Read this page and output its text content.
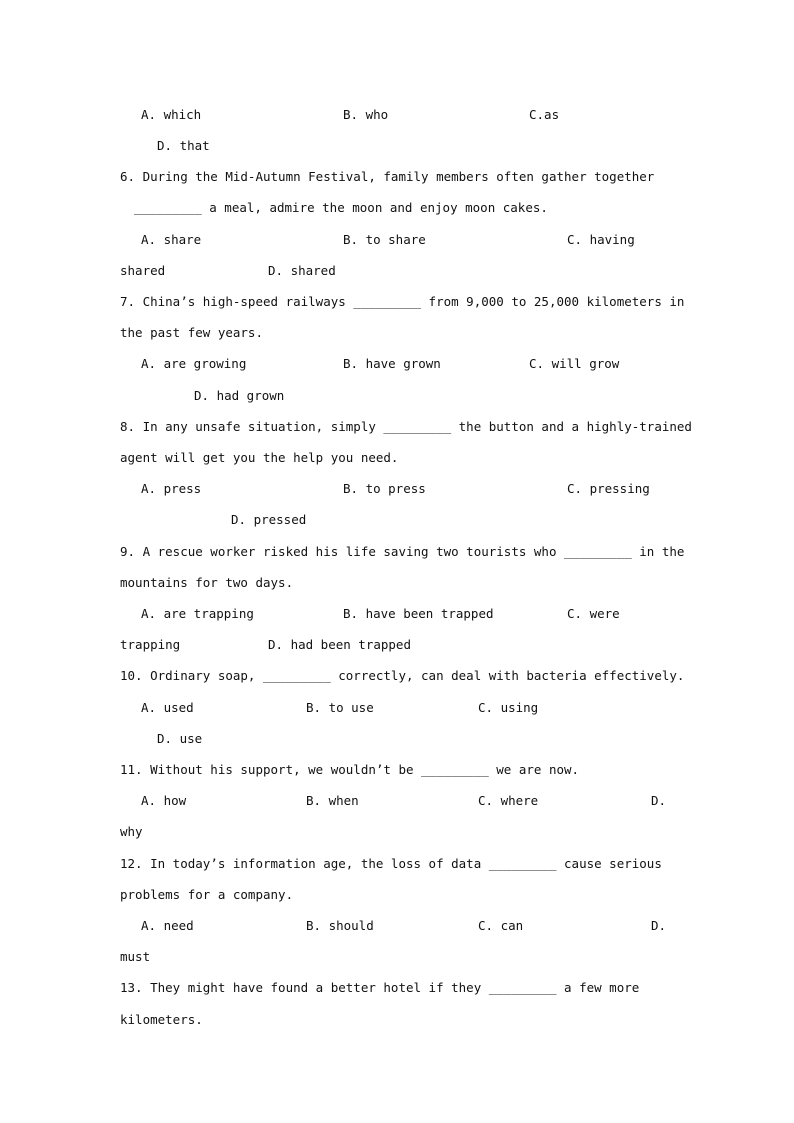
A. which	B. who	C.as
D. that
6. During the Mid-Autumn Festival, family members often gather together
_________ a meal, admire the moon and enjoy moon cakes.
A. share	B. to share	C. having
shared	D. shared
7. China’s high-speed railways _________ from 9,000 to 25,000 kilometers in
the past few years.
A. are growing	B. have grown	C. will grow
D. had grown
8. In any unsafe situation, simply _________ the button and a highly-trained
agent will get you the help you need.
A. press	B. to press	C. pressing
D. pressed
9. A rescue worker risked his life saving two tourists who _________ in the
mountains for two days.
A. are trapping	B. have been trapped	C. were
trapping	D. had been trapped
10. Ordinary soap, _________ correctly, can deal with bacteria effectively.
A. used	B. to use	C. using
D. use
11. Without his support, we wouldn’t be _________ we are now.
A. how	B. when	C. where	D.
why
12. In today’s information age, the loss of data _________ cause serious
problems for a company.
A. need	B. should	C. can	D.
must
13. They might have found a better hotel if they _________ a few more
kilometers.
